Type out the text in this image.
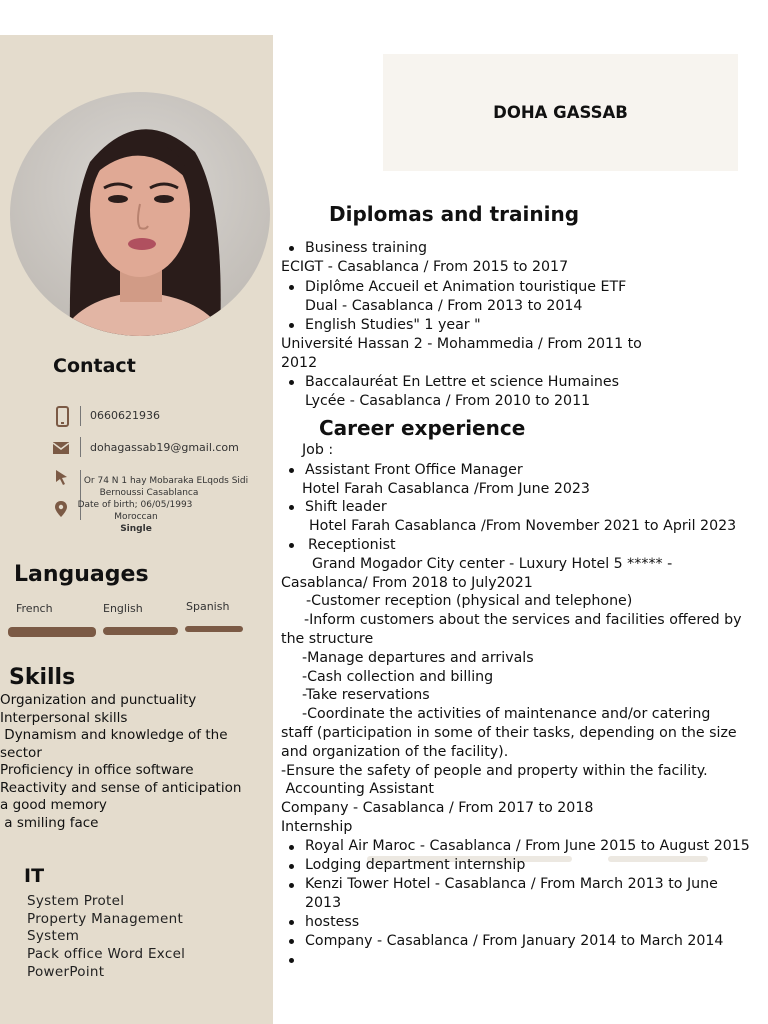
Contact
0660621936
dohagassab19@gmail.com
Or 74 N 1 hay Mobaraka ELqods Sidi
Bernoussi Casablanca
Date of birth; 06/05/1993
Moroccan
Single
Languages
French	English	Spanish
Skills
Organization and punctuality
Interpersonal skills
Dynamism and knowledge of the sector
Proficiency in office software
Reactivity and sense of anticipation
a good memory
a smiling face
IT
System Protel
Property Management System
Pack office Word Excel PowerPoint
DOHA GASSAB
Diplomas and training
Business training
ECIGT - Casablanca / From 2015 to 2017
Diplôme Accueil et Animation touristique ETF
Dual - Casablanca / From 2013 to 2014
English Studies" 1 year "
Université Hassan 2 - Mohammedia / From 2011 to
2012
Baccalauréat En Lettre et science Humaines
Lycée - Casablanca / From 2010 to 2011
Career experience
Job :
Assistant Front Office Manager
Hotel Farah Casablanca /From June 2023
Shift leader
Hotel Farah Casablanca /From November 2021 to April 2023
Receptionist
Grand Mogador City center - Luxury Hotel 5 ***** -
Casablanca/ From 2018 to July2021
-Customer reception (physical and telephone)
-Inform customers about the services and facilities offered by
the structure
-Manage departures and arrivals
-Cash collection and billing
-Take reservations
-Coordinate the activities of maintenance and/or catering
staff (participation in some of their tasks, depending on the size
and organization of the facility).
-Ensure the safety of people and property within the facility.
Accounting Assistant
Company - Casablanca / From 2017 to 2018
Internship
Royal Air Maroc - Casablanca / From June 2015 to August 2015
Lodging department internship
Kenzi Tower Hotel - Casablanca / From March 2013 to June
2013
hostess
Company - Casablanca / From January 2014 to March 2014
